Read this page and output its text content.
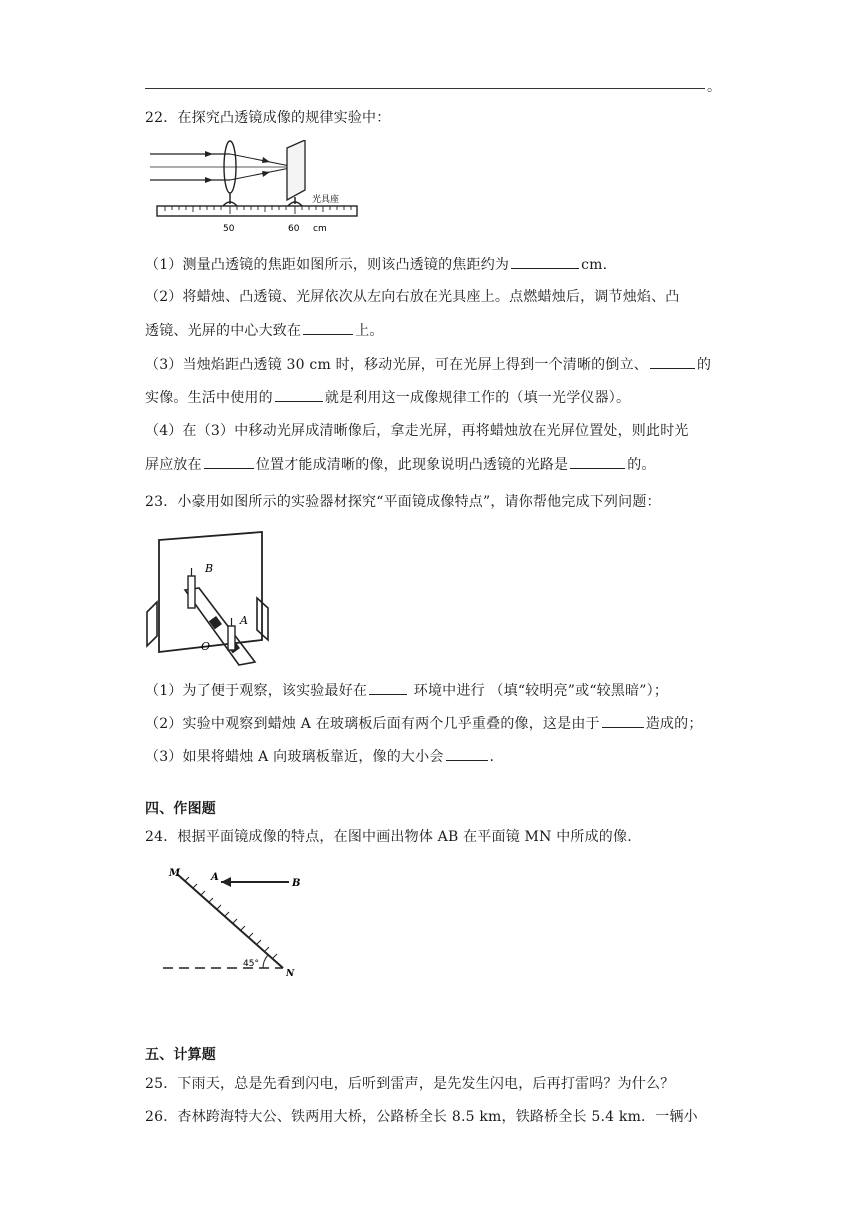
。
22．在探究凸透镜成像的规律实验中：
光具座
50	60 cm
（1）测量凸透镜的焦距如图所示，则该凸透镜的焦距约为	cm.
（2）将蜡烛、凸透镜、光屏依次从左向右放在光具座上。点燃蜡烛后，调节烛焰、凸
透镜、光屏的中心大致在	上。
（3）当烛焰距凸透镜 30 cm 时，移动光屏，可在光屏上得到一个清晰的倒立、	的
实像。生活中使用的	就是利用这一成像规律工作的（填一光学仪器）。
（4）在（3）中移动光屏成清晰像后，拿走光屏，再将蜡烛放在光屏位置处，则此时光
屏应放在	位置才能成清晰的像，此现象说明凸透镜的光路是	的。
23．小豪用如图所示的实验器材探究“平面镜成像特点”，请你帮他完成下列问题：
B
O
A
（1）为了便于观察，该实验最好在	环境中进行 （填“较明亮”或“较黑暗”）；
（2）实验中观察到蜡烛 A 在玻璃板后面有两个几乎重叠的像，这是由于	造成的；
（3）如果将蜡烛 A 向玻璃板靠近，像的大小会	.
四、作图题
24．根据平面镜成像的特点，在图中画出物体 AB 在平面镜 MN 中所成的像.
M	A
B
N
45°
五、计算题
25．下雨天，总是先看到闪电，后听到雷声，是先发生闪电，后再打雷吗？为什么？
26．杏林跨海特大公、铁两用大桥，公路桥全长 8.5 km，铁路桥全长 5.4 km．一辆小
